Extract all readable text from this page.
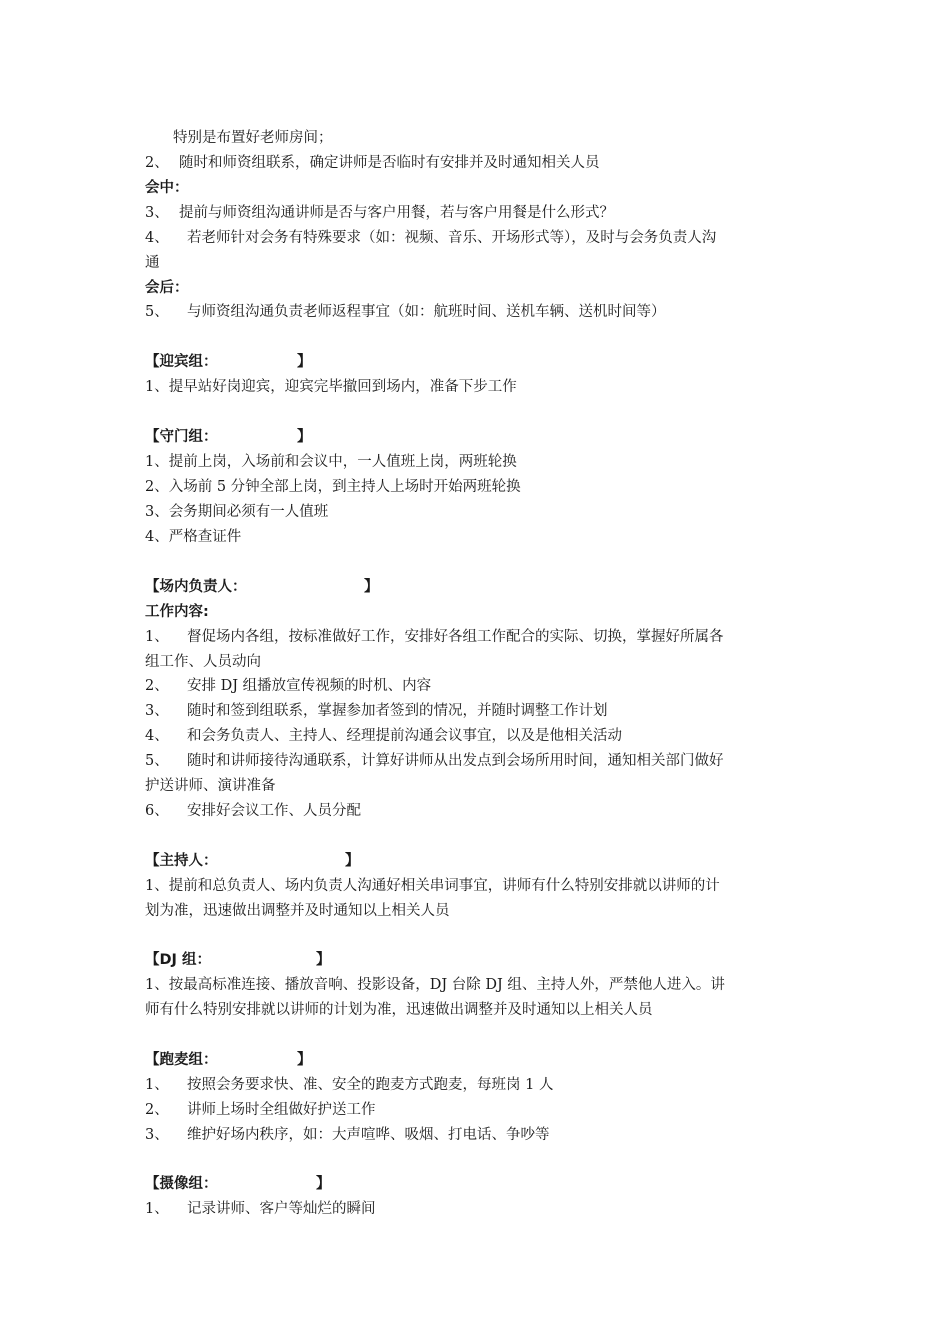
特别是布置好老师房间；
2、 随时和师资组联系，确定讲师是否临时有安排并及时通知相关人员
会中：
3、 提前与师资组沟通讲师是否与客户用餐，若与客户用餐是什么形式？
4、 若老师针对会务有特殊要求（如：视频、音乐、开场形式等），及时与会务负责人沟
通
会后：
5、 与师资组沟通负责老师返程事宜（如：航班时间、送机车辆、送机时间等）
【迎宾组：	】
1、提早站好岗迎宾，迎宾完毕撤回到场内，准备下步工作
【守门组：	】
1、提前上岗，入场前和会议中，一人值班上岗，两班轮换
2、入场前 5 分钟全部上岗，到主持人上场时开始两班轮换
3、会务期间必须有一人值班
4、严格查证件
【场内负责人：	】
工作内容:
1、 督促场内各组，按标准做好工作，安排好各组工作配合的实际、切换，掌握好所属各
组工作、人员动向
2、 安排 DJ 组播放宣传视频的时机、内容
3、 随时和签到组联系，掌握参加者签到的情况，并随时调整工作计划
4、 和会务负责人、主持人、经理提前沟通会议事宜，以及是他相关活动
5、 随时和讲师接待沟通联系，计算好讲师从出发点到会场所用时间，通知相关部门做好
护送讲师、演讲准备
6、 安排好会议工作、人员分配
【主持人：	】
1、提前和总负责人、场内负责人沟通好相关串词事宜，讲师有什么特别安排就以讲师的计
划为准，迅速做出调整并及时通知以上相关人员
【DJ 组：	】
1、按最高标准连接、播放音响、投影设备，DJ 台除 DJ 组、主持人外，严禁他人进入。讲
师有什么特别安排就以讲师的计划为准，迅速做出调整并及时通知以上相关人员
【跑麦组：	】
1、 按照会务要求快、准、安全的跑麦方式跑麦，每班岗 1 人
2、 讲师上场时全组做好护送工作
3、 维护好场内秩序，如：大声喧哗、吸烟、打电话、争吵等
【摄像组：	】
1、 记录讲师、客户等灿烂的瞬间
